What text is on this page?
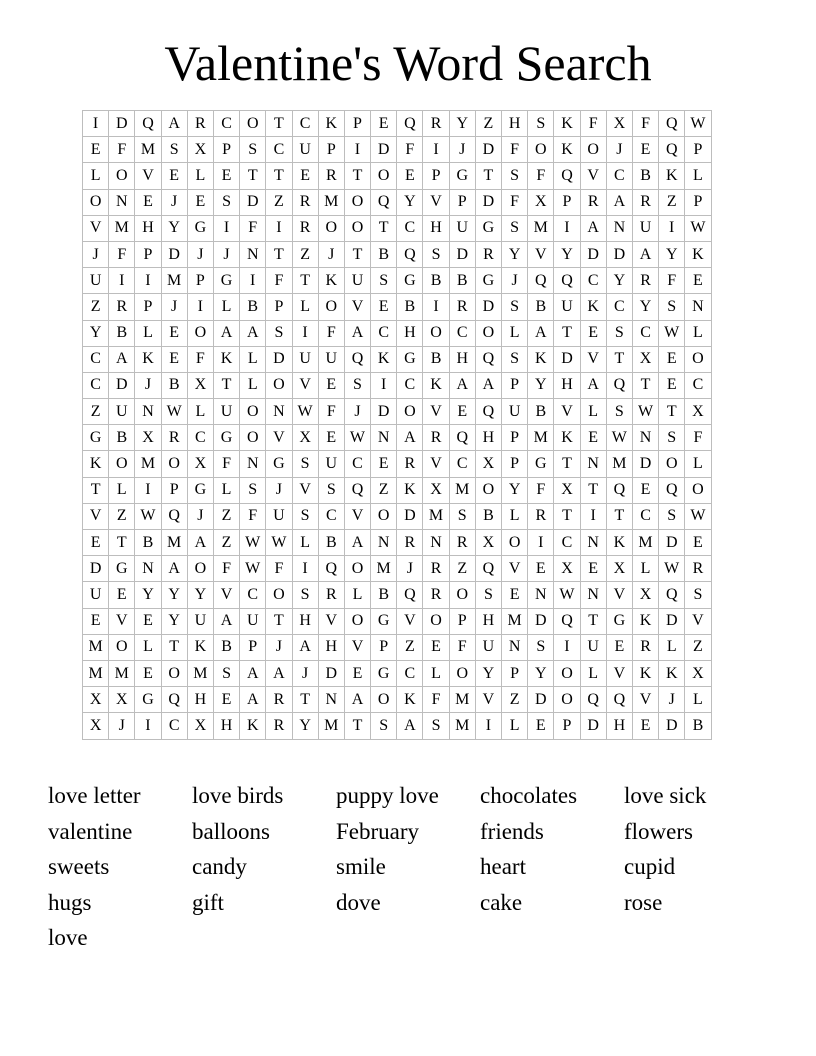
Valentine's Word Search
I	D	Q	A	R	C	O	T	C	K	P	E	Q	R	Y	Z	H	S	K	F	X	F	Q	W
E	F	M	S	X	P	S	C	U	P	I	D	F	I	J	D	F	O	K	O	J	E	Q	P
L	O	V	E	L	E	T	T	E	R	T	O	E	P	G	T	S	F	Q	V	C	B	K	L
O	N	E	J	E	S	D	Z	R	M	O	Q	Y	V	P	D	F	X	P	R	A	R	Z	P
V	M	H	Y	G	I	F	I	R	O	O	T	C	H	U	G	S	M	I	A	N	U	I	W
J	F	P	D	J	J	N	T	Z	J	T	B	Q	S	D	R	Y	V	Y	D	D	A	Y	K
U	I	I	M	P	G	I	F	T	K	U	S	G	B	B	G	J	Q	Q	C	Y	R	F	E
Z	R	P	J	I	L	B	P	L	O	V	E	B	I	R	D	S	B	U	K	C	Y	S	N
Y	B	L	E	O	A	A	S	I	F	A	C	H	O	C	O	L	A	T	E	S	C	W	L
C	A	K	E	F	K	L	D	U	U	Q	K	G	B	H	Q	S	K	D	V	T	X	E	O
C	D	J	B	X	T	L	O	V	E	S	I	C	K	A	A	P	Y	H	A	Q	T	E	C
Z	U	N	W	L	U	O	N	W	F	J	D	O	V	E	Q	U	B	V	L	S	W	T	X
G	B	X	R	C	G	O	V	X	E	W	N	A	R	Q	H	P	M	K	E	W	N	S	F
K	O	M	O	X	F	N	G	S	U	C	E	R	V	C	X	P	G	T	N	M	D	O	L
T	L	I	P	G	L	S	J	V	S	Q	Z	K	X	M	O	Y	F	X	T	Q	E	Q	O
V	Z	W	Q	J	Z	F	U	S	C	V	O	D	M	S	B	L	R	T	I	T	C	S	W
E	T	B	M	A	Z	W	W	L	B	A	N	R	N	R	X	O	I	C	N	K	M	D	E
D	G	N	A	O	F	W	F	I	Q	O	M	J	R	Z	Q	V	E	X	E	X	L	W	R
U	E	Y	Y	Y	V	C	O	S	R	L	B	Q	R	O	S	E	N	W	N	V	X	Q	S
E	V	E	Y	U	A	U	T	H	V	O	G	V	O	P	H	M	D	Q	T	G	K	D	V
M	O	L	T	K	B	P	J	A	H	V	P	Z	E	F	U	N	S	I	U	E	R	L	Z
M	M	E	O	M	S	A	A	J	D	E	G	C	L	O	Y	P	Y	O	L	V	K	K	X
X	X	G	Q	H	E	A	R	T	N	A	O	K	F	M	V	Z	D	O	Q	Q	V	J	L
X	J	I	C	X	H	K	R	Y	M	T	S	A	S	M	I	L	E	P	D	H	E	D	B
love letter	love birds	puppy love	chocolates	love sick
valentine	balloons	February	friends	flowers
sweets	candy	smile	heart	cupid
hugs	gift	dove	cake	rose
love
